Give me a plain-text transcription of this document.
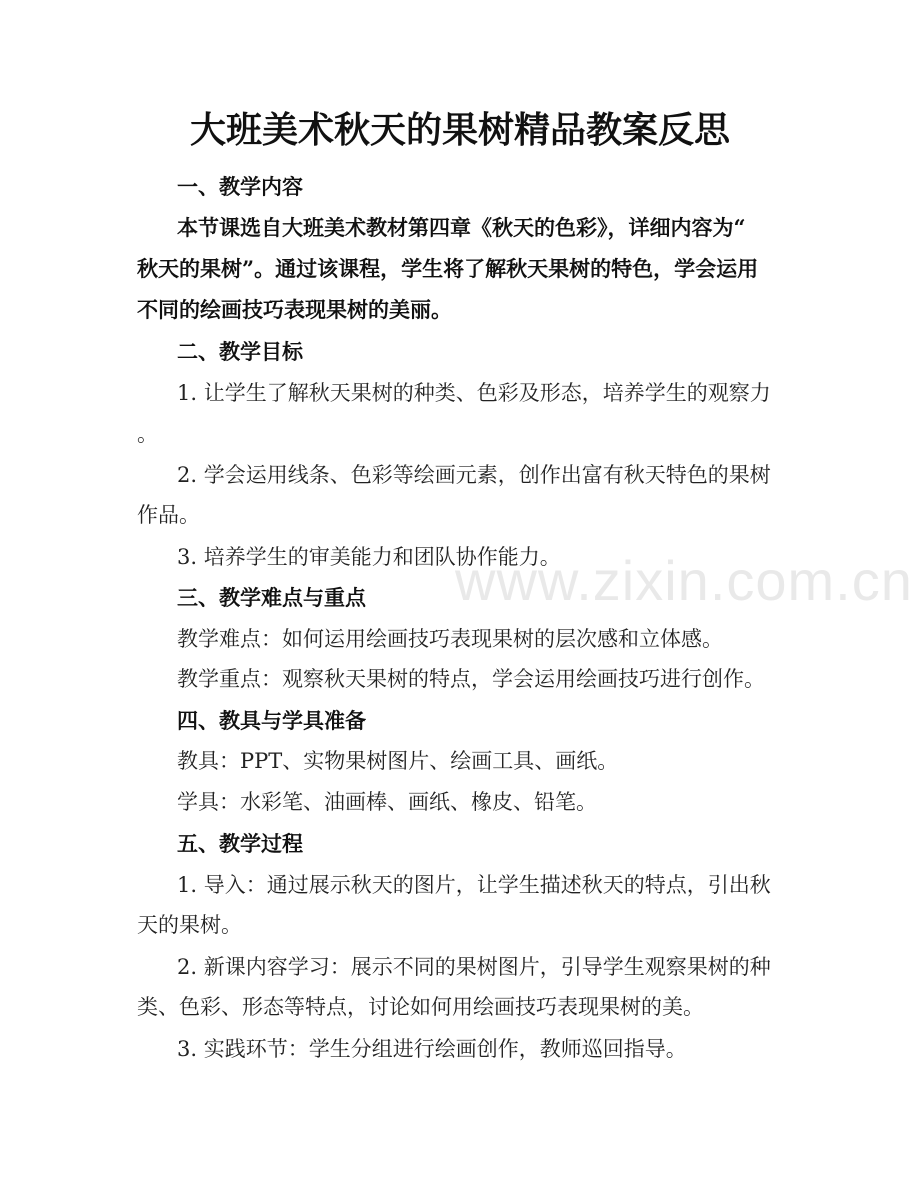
www.zixin.com.cn
大班美术秋天的果树精品教案反思
一、教学内容
本节课选自大班美术教材第四章《秋天的色彩》，详细内容为“
秋天的果树”。通过该课程，学生将了解秋天果树的特色，学会运用
不同的绘画技巧表现果树的美丽。
二、教学目标
1. 让学生了解秋天果树的种类、色彩及形态，培养学生的观察力
。
2. 学会运用线条、色彩等绘画元素，创作出富有秋天特色的果树
作品。
3. 培养学生的审美能力和团队协作能力。
三、教学难点与重点
教学难点：如何运用绘画技巧表现果树的层次感和立体感。
教学重点：观察秋天果树的特点，学会运用绘画技巧进行创作。
四、教具与学具准备
教具：PPT、实物果树图片、绘画工具、画纸。
学具：水彩笔、油画棒、画纸、橡皮、铅笔。
五、教学过程
1. 导入：通过展示秋天的图片，让学生描述秋天的特点，引出秋
天的果树。
2. 新课内容学习：展示不同的果树图片，引导学生观察果树的种
类、色彩、形态等特点，讨论如何用绘画技巧表现果树的美。
3. 实践环节：学生分组进行绘画创作，教师巡回指导。
